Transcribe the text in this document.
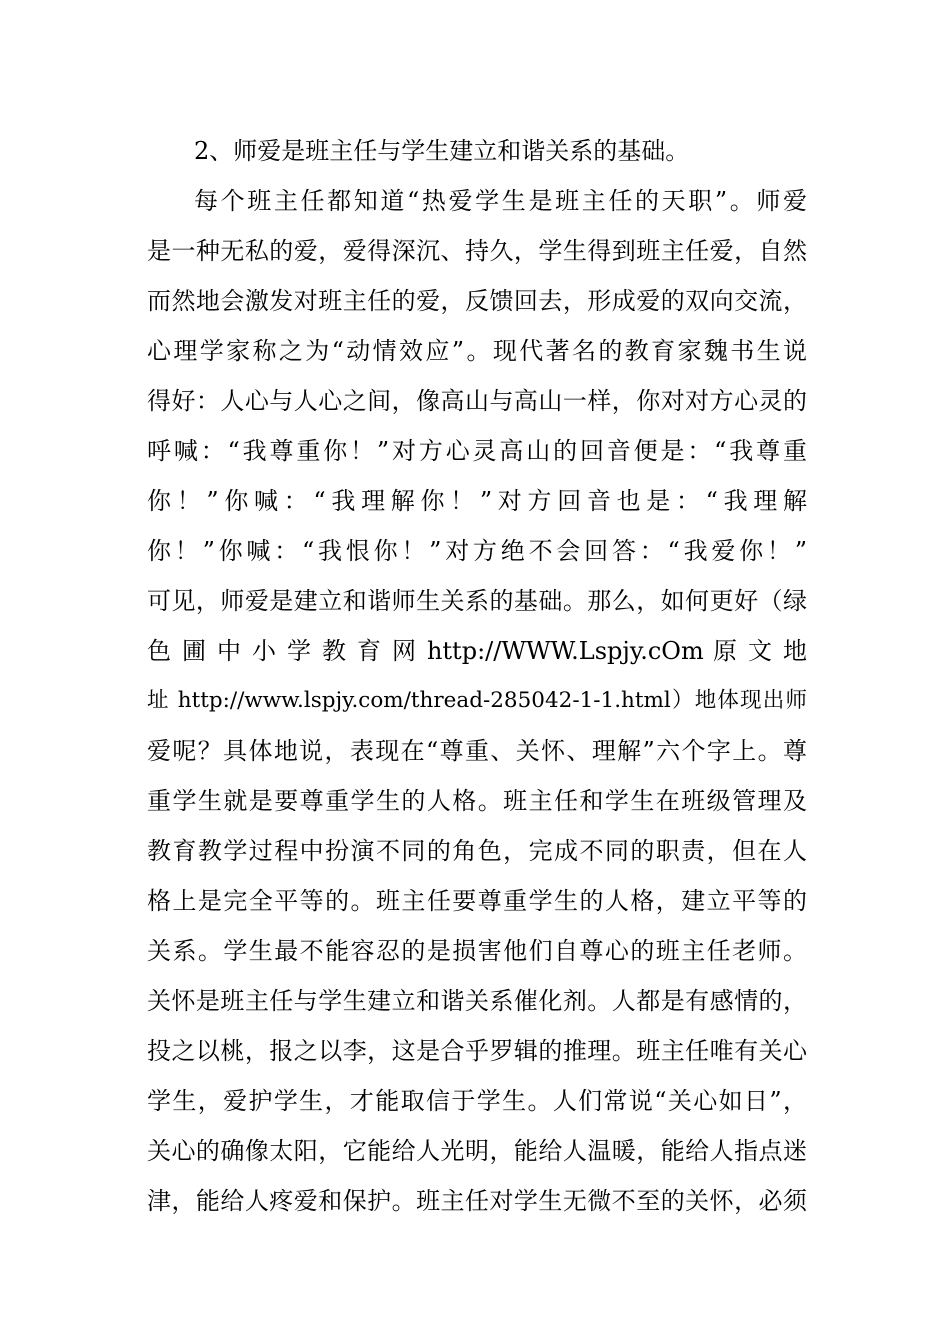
2、师爱是班主任与学生建立和谐关系的基础。
每个班主任都知道“热爱学生是班主任的天职”。师爱
是一种无私的爱，爱得深沉、持久，学生得到班主任爱，自然
而然地会激发对班主任的爱，反馈回去，形成爱的双向交流，
心理学家称之为“动情效应”。现代著名的教育家魏书生说
得好：人心与人心之间，像高山与高山一样，你对对方心灵的
呼喊：“我尊重你！”对方心灵高山的回音便是：“我尊重
你！”你喊：“我理解你！”对方回音也是：“我理解
你！”你喊：“我恨你！”对方绝不会回答：“我爱你！”
可见，师爱是建立和谐师生关系的基础。那么，如何更好（绿
色 圃 中 小 学 教 育 网 http://WWW.Lspjy.cOm 原 文 地
址 http://www.lspjy.com/thread-285042-1-1.html）地体现出师
爱呢？具体地说，表现在“尊重、关怀、理解”六个字上。尊
重学生就是要尊重学生的人格。班主任和学生在班级管理及
教育教学过程中扮演不同的角色，完成不同的职责，但在人
格上是完全平等的。班主任要尊重学生的人格，建立平等的
关系。学生最不能容忍的是损害他们自尊心的班主任老师。
关怀是班主任与学生建立和谐关系催化剂。人都是有感情的，
投之以桃，报之以李，这是合乎罗辑的推理。班主任唯有关心
学生，爱护学生，才能取信于学生。人们常说“关心如日”，
关心的确像太阳，它能给人光明，能给人温暖，能给人指点迷
津，能给人疼爱和保护。班主任对学生无微不至的关怀，必须
